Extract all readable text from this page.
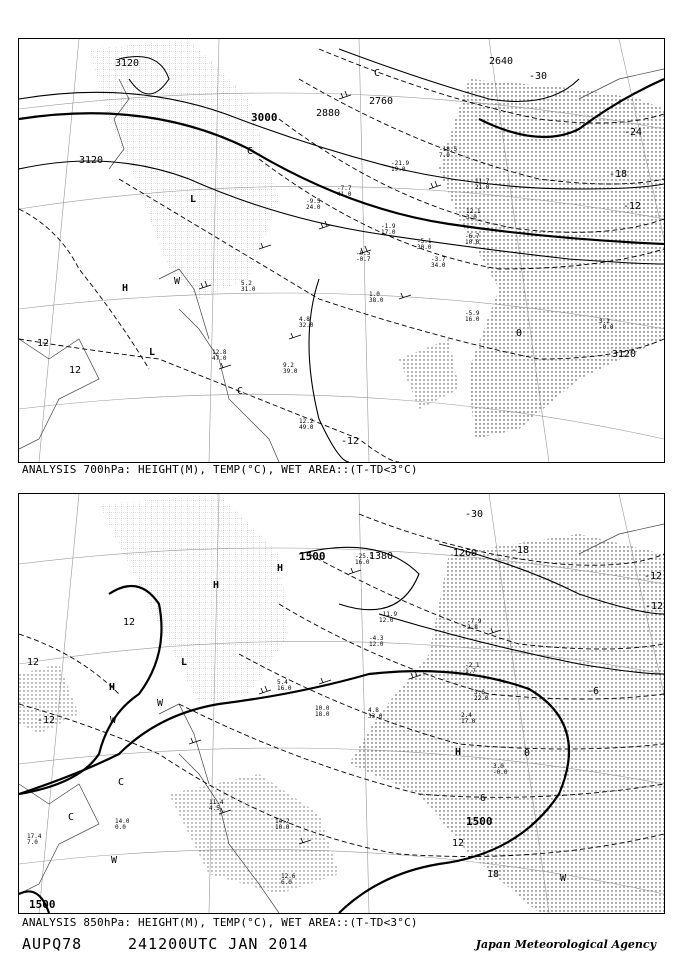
3120
3000	2880
2760
2640
3120
3120
-30
-24
-18
-12
0
12
12
-12
L
H
L
C
W
C
C	-18.5
7.0
-21.9
19.0
-7.7
41.0
-9.5
24.0
-1.9
17.0
-5.1
30.0
-3.7
34.0
1.0
38.0
5.2
31.0
4.8
32.0
12.8
47.0
9.2
39.0
12.2
49.0
-5.9
16.0	3.2
-0.0
-6.7
10.0
12.1
3.0
11.7
21.0
-0.5
-0.7
ANALYSIS 700hPa: HEIGHT(M), TEMP(°C), WET AREA::(T-TD<3°C)
1500	1380	1260
1500
1500
-30
-18
-12
-6
0
6
12
18
-12
12
12
-12
H
H
L
H
W
W
C
C
W
H
W
-25.3
16.0
-11.9
12.0
-4.3
12.0
5.4
16.0
10.0
18.0
4.8
33.0	2.4
17.0
3.0
-0.0
11.4
4.5
14.2
10.0
12.6
6.0
14.0
0.0
17.4
7.0
-7.9
2.8
3.6
22.0
-2.1
1.7
ANALYSIS 850hPa: HEIGHT(M), TEMP(°C), WET AREA::(T-TD<3°C)
AUPQ78	241200UTC JAN 2014	Japan Meteorological Agency
